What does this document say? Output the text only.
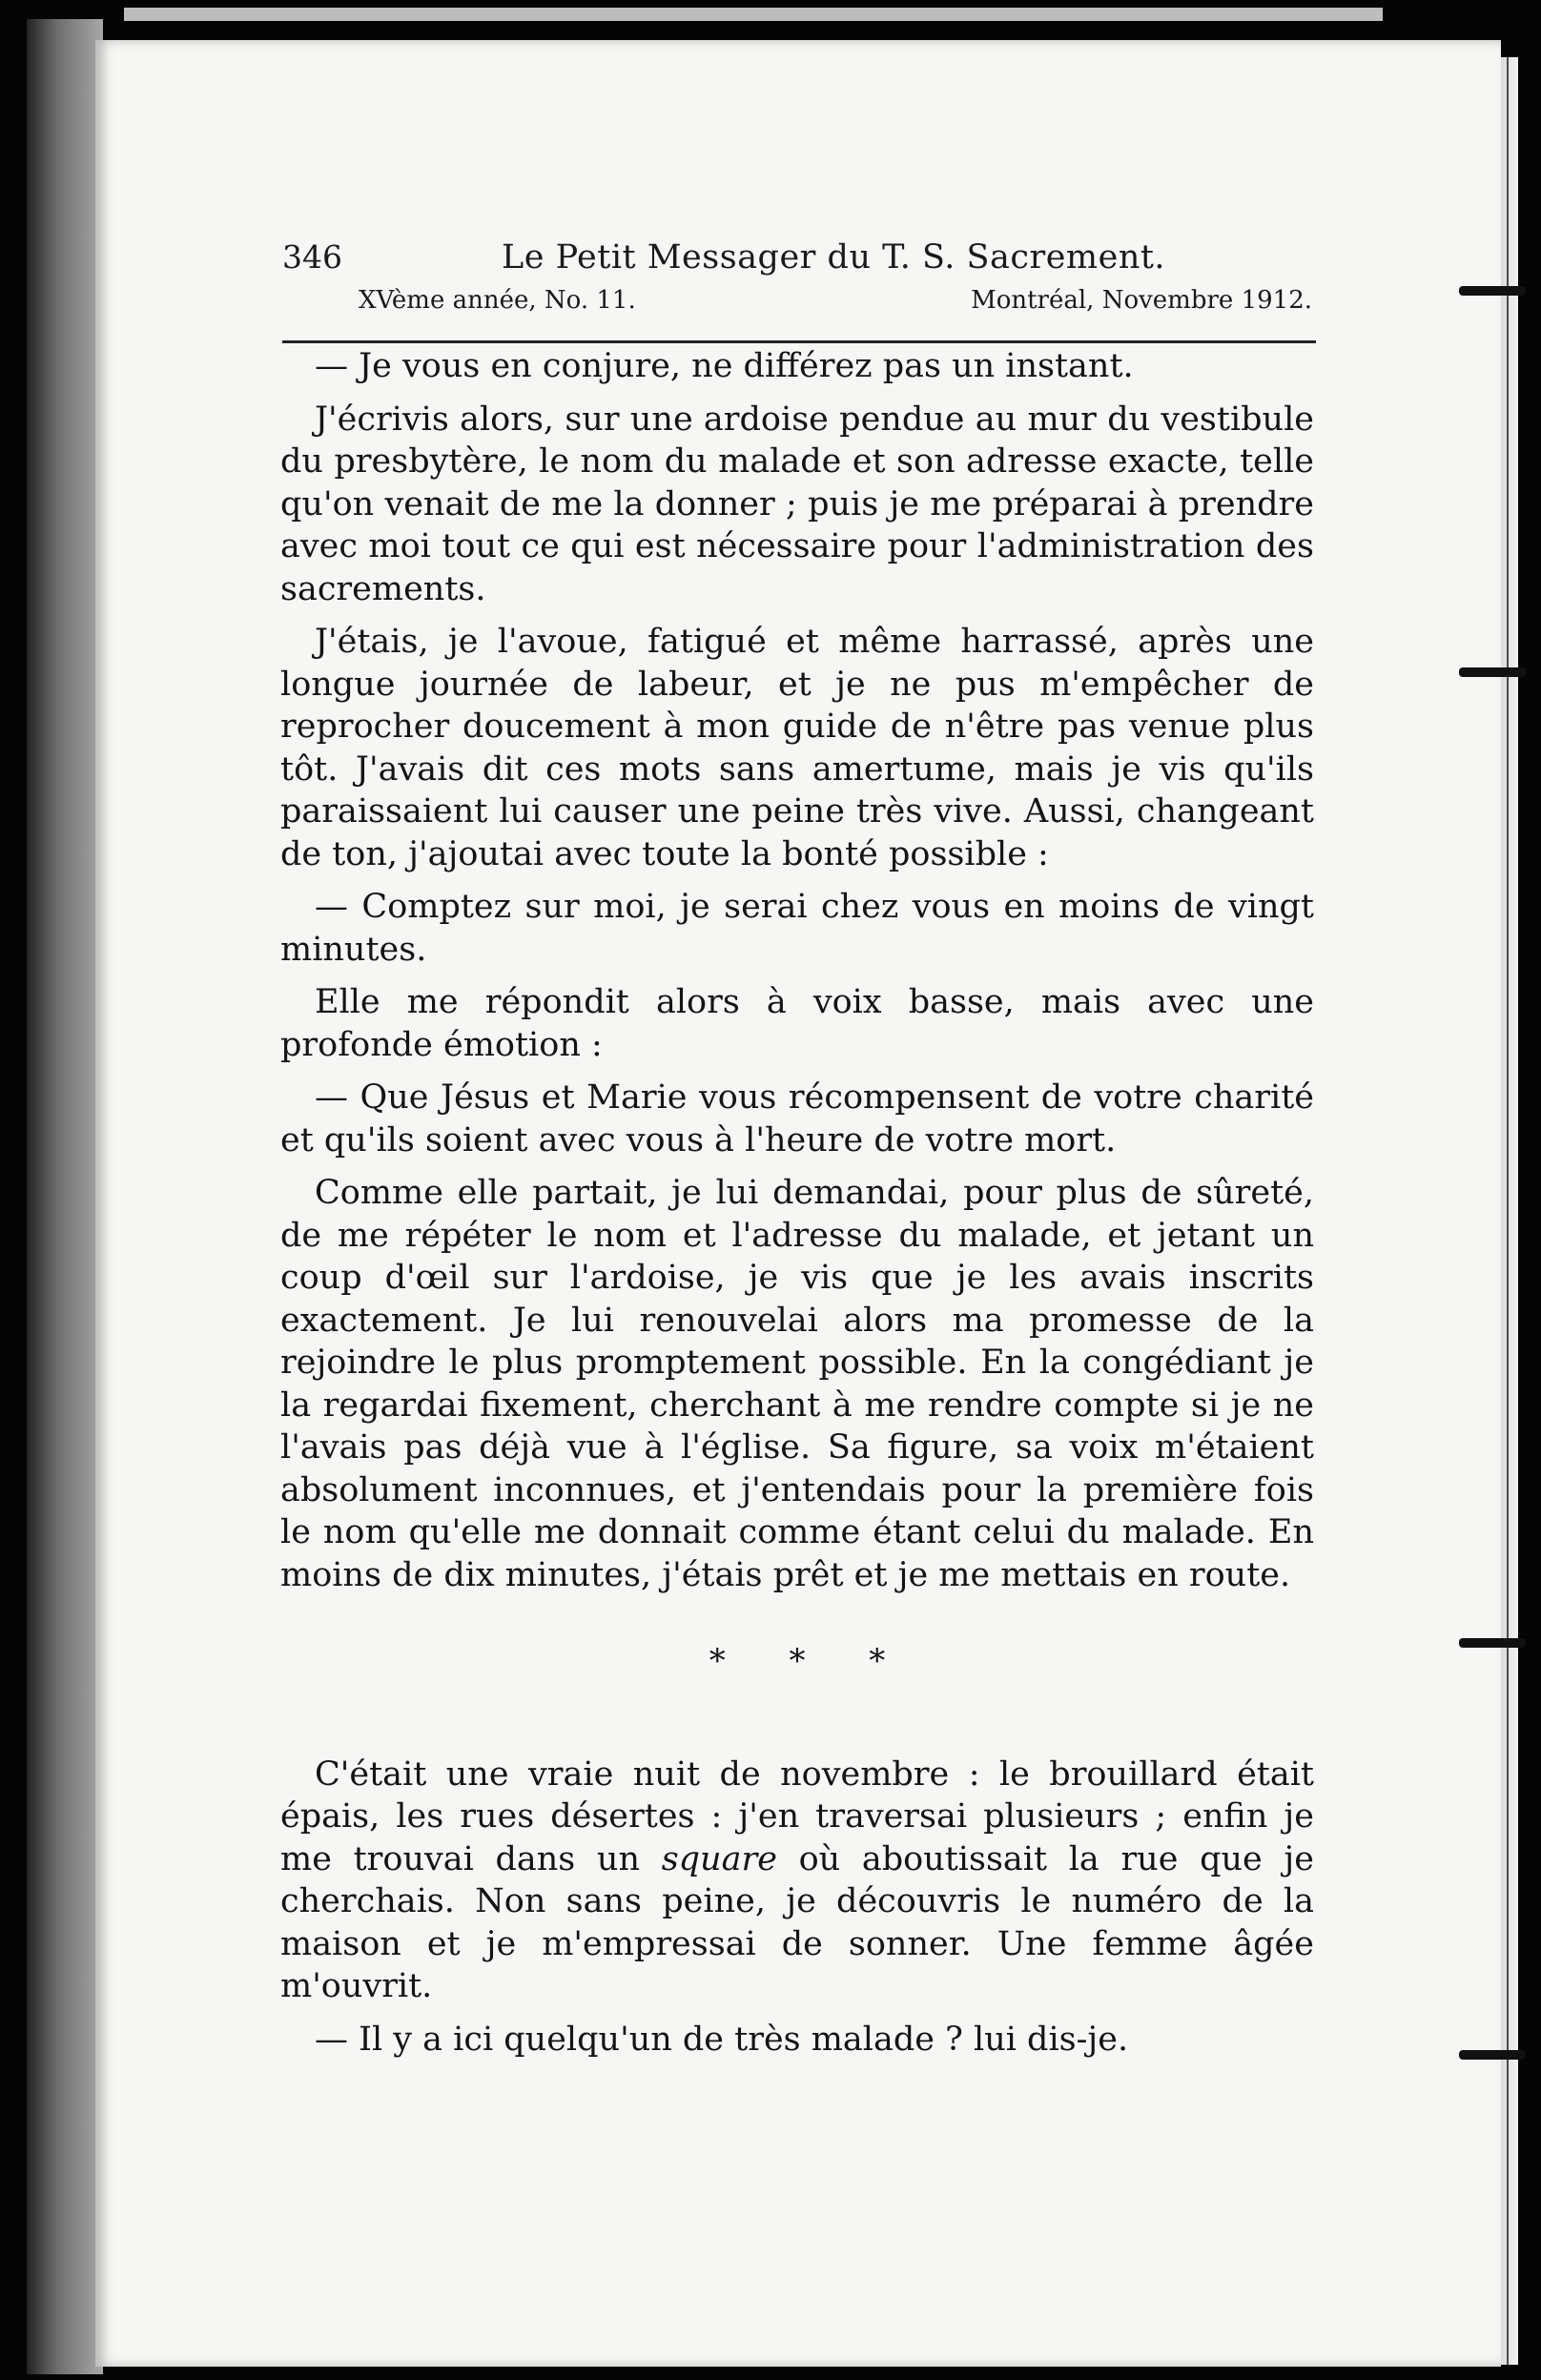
346	Le Petit Messager du T. S. Sacrement.
XVème année, No. 11.	Montréal, Novembre 1912.

— Je vous en conjure, ne différez pas un instant.

J'écrivis alors, sur une ardoise pendue au mur du vestibule du presbytère, le nom du malade et son adresse exacte, telle qu'on venait de me la donner ; puis je me préparai à prendre avec moi tout ce qui est nécessaire pour l'administration des sacrements.

J'étais, je l'avoue, fatigué et même harrassé, après une longue journée de labeur, et je ne pus m'empêcher de reprocher doucement à mon guide de n'être pas venue plus tôt. J'avais dit ces mots sans amertume, mais je vis qu'ils paraissaient lui causer une peine très vive. Aussi, changeant de ton, j'ajoutai avec toute la bonté possible :

— Comptez sur moi, je serai chez vous en moins de vingt minutes.

Elle me répondit alors à voix basse, mais avec une profonde émotion :

— Que Jésus et Marie vous récompensent de votre charité et qu'ils soient avec vous à l'heure de votre mort.

Comme elle partait, je lui demandai, pour plus de sûreté, de me répéter le nom et l'adresse du malade, et jetant un coup d'œil sur l'ardoise, je vis que je les avais inscrits exactement. Je lui renouvelai alors ma promesse de la rejoindre le plus promptement possible. En la congédiant je la regardai fixement, cherchant à me rendre compte si je ne l'avais pas déjà vue à l'église. Sa figure, sa voix m'étaient absolument inconnues, et j'entendais pour la première fois le nom qu'elle me donnait comme étant celui du malade. En moins de dix minutes, j'étais prêt et je me mettais en route.

* * *

C'était une vraie nuit de novembre : le brouillard était épais, les rues désertes : j'en traversai plusieurs ; enfin je me trouvai dans un square où aboutissait la rue que je cherchais. Non sans peine, je découvris le numéro de la maison et je m'empressai de sonner. Une femme âgée m'ouvrit.

— Il y a ici quelqu'un de très malade ? lui dis-je.
